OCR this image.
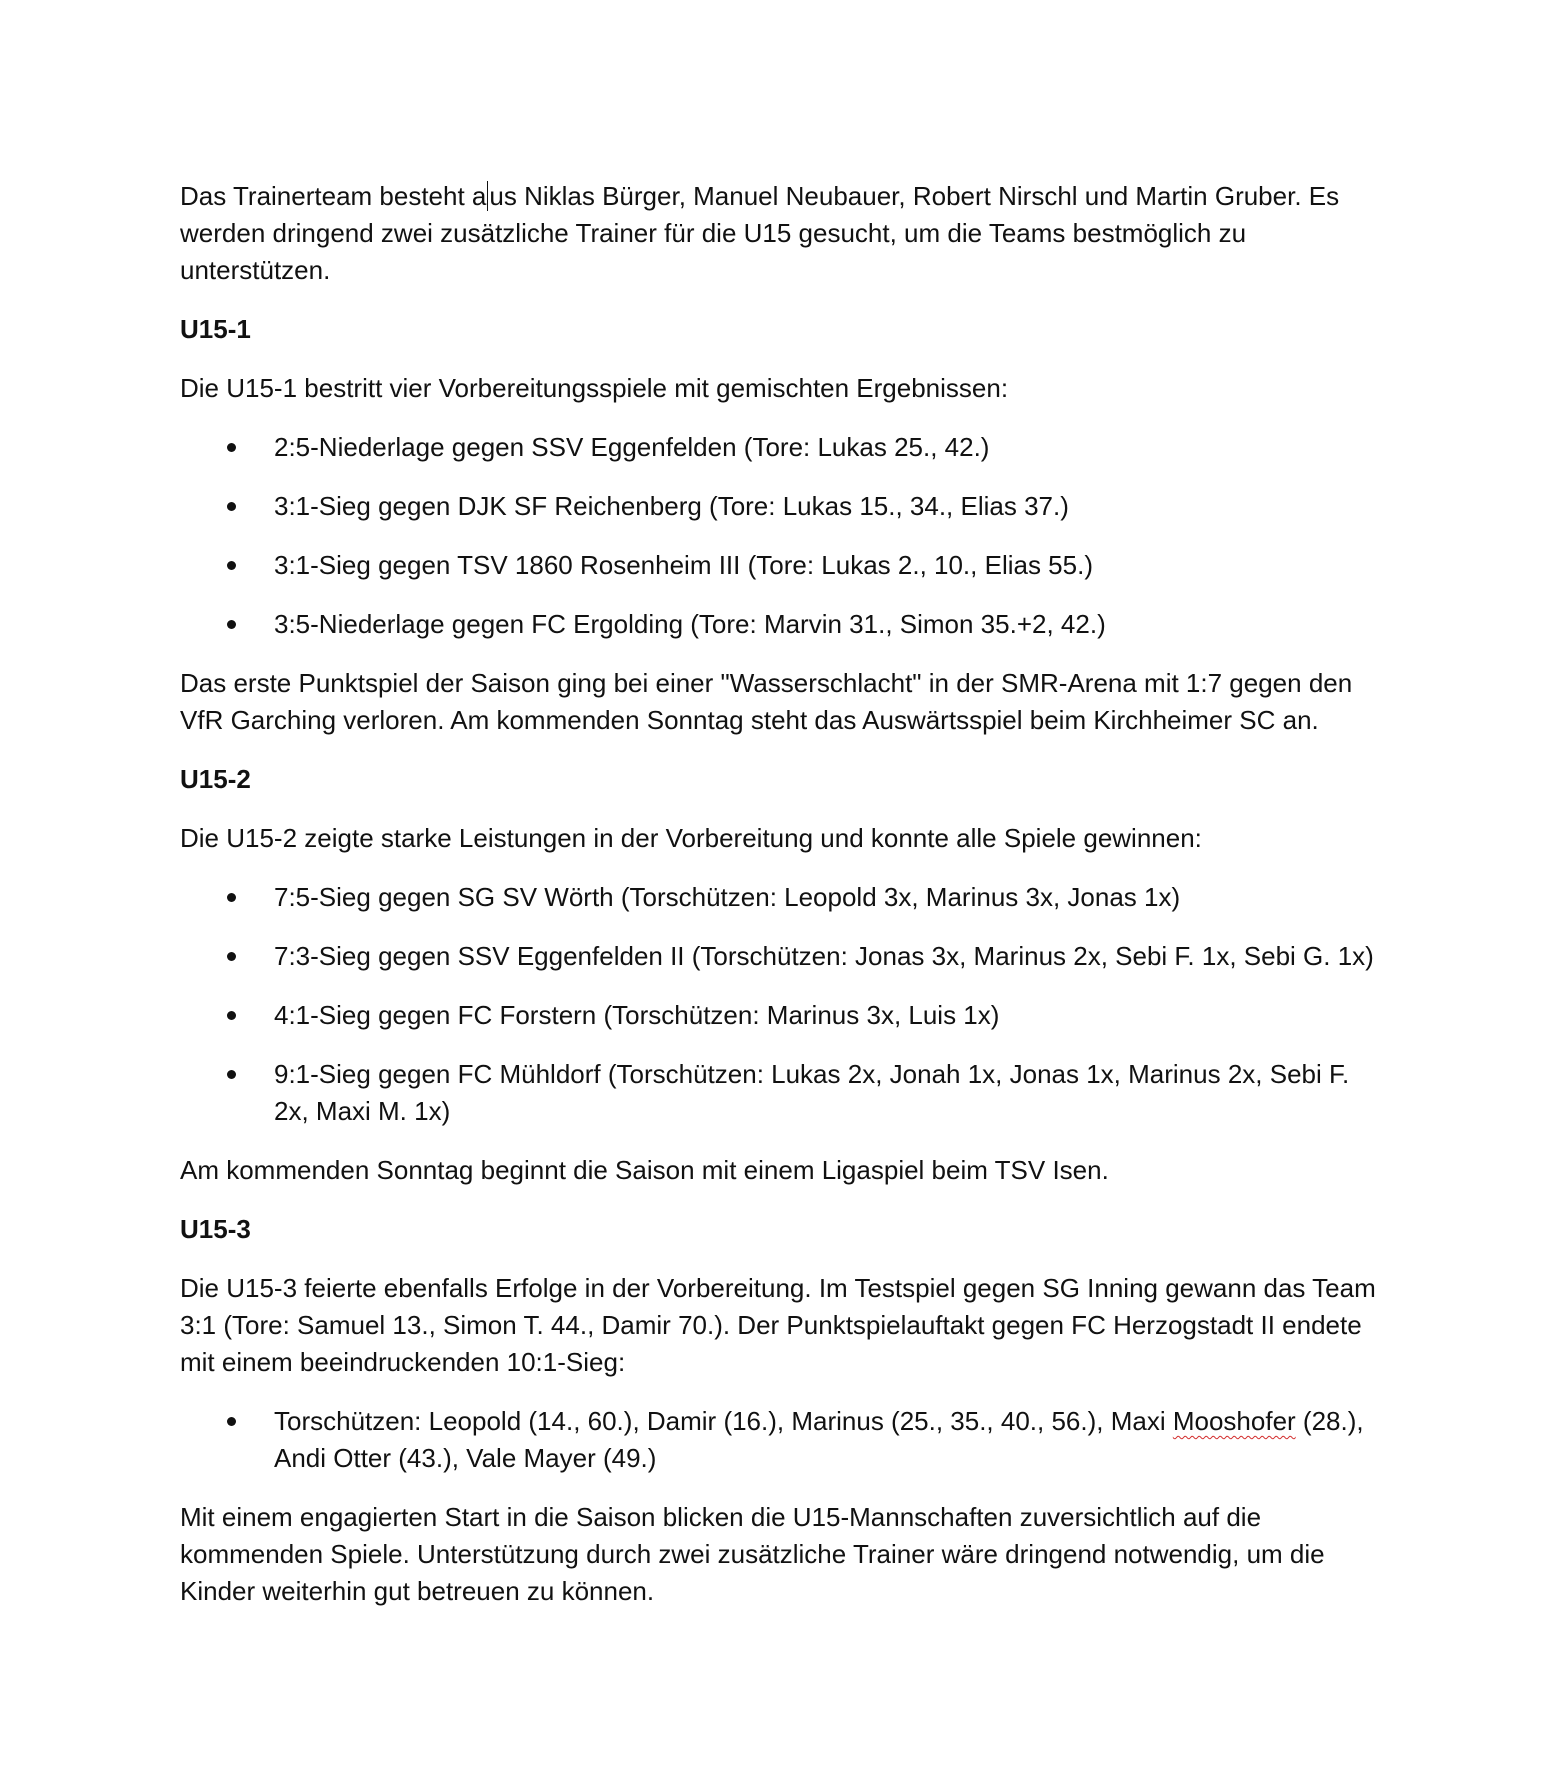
Das Trainerteam besteht a us Niklas Bürger, Manuel Neubauer, Robert Nirschl und Martin Gruber. Es werden dringend zwei zusätzliche Trainer für die U15 gesucht, um die Teams bestmöglich zu unterstützen.

U15-1

Die U15-1 bestritt vier Vorbereitungsspiele mit gemischten Ergebnissen:

2:5-Niederlage gegen SSV Eggenfelden (Tore: Lukas 25., 42.)
3:1-Sieg gegen DJK SF Reichenberg (Tore: Lukas 15., 34., Elias 37.)
3:1-Sieg gegen TSV 1860 Rosenheim III (Tore: Lukas 2., 10., Elias 55.)
3:5-Niederlage gegen FC Ergolding (Tore: Marvin 31., Simon 35.+2, 42.)

Das erste Punktspiel der Saison ging bei einer "Wasserschlacht" in der SMR-Arena mit 1:7 gegen den VfR Garching verloren. Am kommenden Sonntag steht das Auswärtsspiel beim Kirchheimer SC an.

U15-2

Die U15-2 zeigte starke Leistungen in der Vorbereitung und konnte alle Spiele gewinnen:

7:5-Sieg gegen SG SV Wörth (Torschützen: Leopold 3x, Marinus 3x, Jonas 1x)
7:3-Sieg gegen SSV Eggenfelden II (Torschützen: Jonas 3x, Marinus 2x, Sebi F. 1x, Sebi G. 1x)
4:1-Sieg gegen FC Forstern (Torschützen: Marinus 3x, Luis 1x)
9:1-Sieg gegen FC Mühldorf (Torschützen: Lukas 2x, Jonah 1x, Jonas 1x, Marinus 2x, Sebi F. 2x, Maxi M. 1x)

Am kommenden Sonntag beginnt die Saison mit einem Ligaspiel beim TSV Isen.

U15-3

Die U15-3 feierte ebenfalls Erfolge in der Vorbereitung. Im Testspiel gegen SG Inning gewann das Team 3:1 (Tore: Samuel 13., Simon T. 44., Damir 70.). Der Punktspielauftakt gegen FC Herzogstadt II endete mit einem beeindruckenden 10:1-Sieg:

Torschützen: Leopold (14., 60.), Damir (16.), Marinus (25., 35., 40., 56.), Maxi Mooshofer (28.), Andi Otter (43.), Vale Mayer (49.)

Mit einem engagierten Start in die Saison blicken die U15-Mannschaften zuversichtlich auf die kommenden Spiele. Unterstützung durch zwei zusätzliche Trainer wäre dringend notwendig, um die Kinder weiterhin gut betreuen zu können.
